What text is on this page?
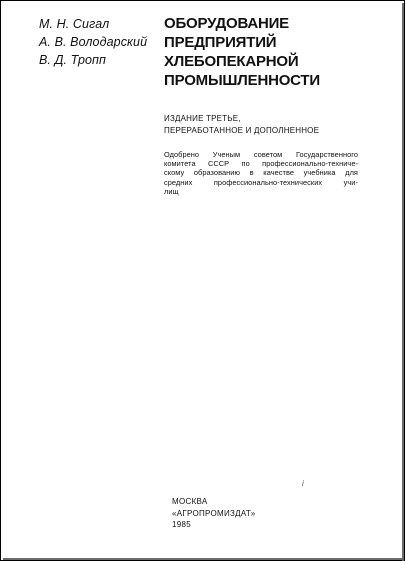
М. Н. Сигал
А. В. Володарский
В. Д. Тропп
ОБОРУДОВАНИЕ
ПРЕДПРИЯТИЙ
ХЛЕБОПЕКАРНОЙ
ПРОМЫШЛЕННОСТИ
ИЗДАНИЕ ТРЕТЬЕ,
ПЕРЕРАБОТАННОЕ И ДОПОЛНЕННОЕ
Одобрено Ученым советом Государственного
комитета СССР по профессионально-техниче-
скому образованию в качестве учебника для
средних профессионально-технических учи-
лищ
i
МОСКВА
«АГРОПРОМИЗДАТ»
1985
